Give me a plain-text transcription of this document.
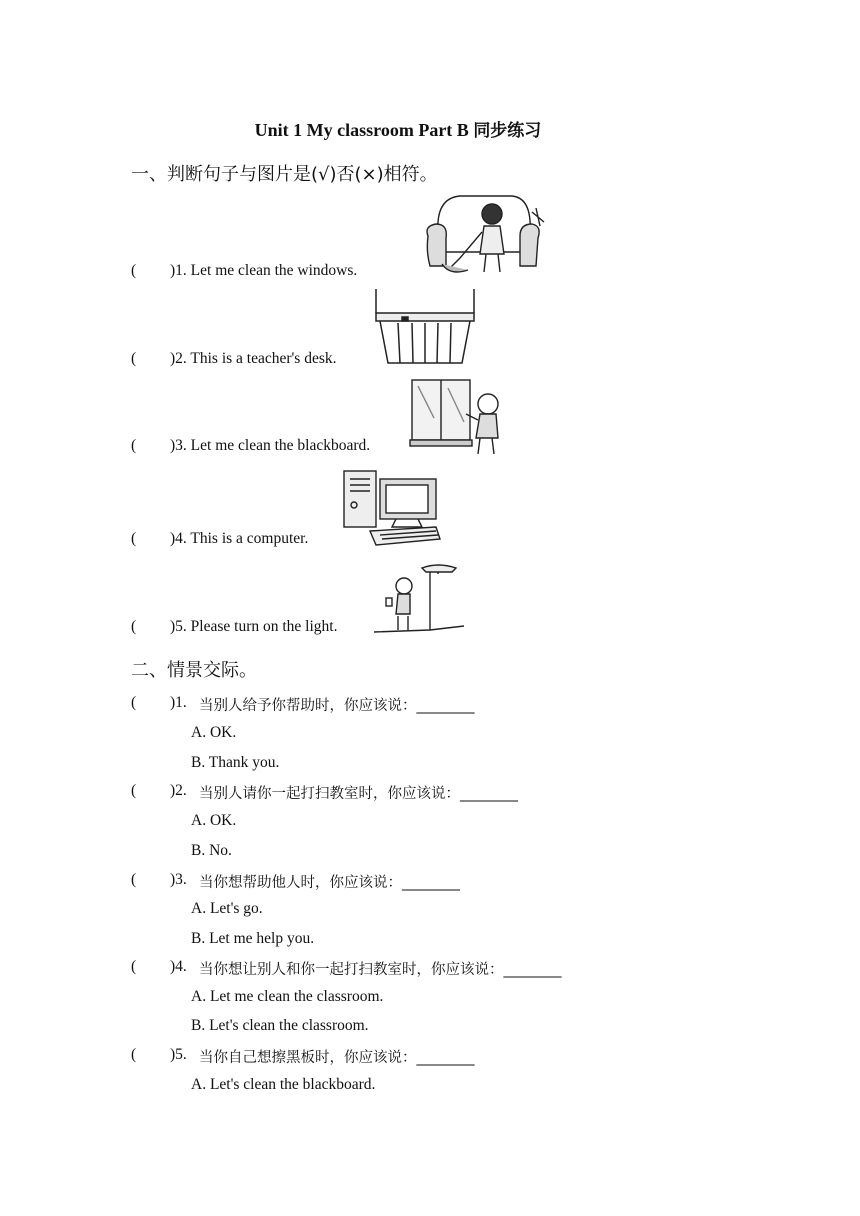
Unit 1 My classroom Part B 同步练习
一、判断句子与图片是(√)否(×)相符。
( )1. Let me clean the windows.
( )2. This is a teacher's desk.
( )3. Let me clean the blackboard.
( )4. This is a computer.
( )5. Please turn on the light.
二、情景交际。
( )1. 当别人给予你帮助时，你应该说：________
A. OK.
B. Thank you.
( )2. 当别人请你一起打扫教室时，你应该说：________
A. OK.
B. No.
( )3. 当你想帮助他人时，你应该说：________
A. Let's go.
B. Let me help you.
( )4. 当你想让别人和你一起打扫教室时，你应该说：________
A. Let me clean the classroom.
B. Let's clean the classroom.
( )5. 当你自己想擦黑板时，你应该说：________
A. Let's clean the blackboard.
